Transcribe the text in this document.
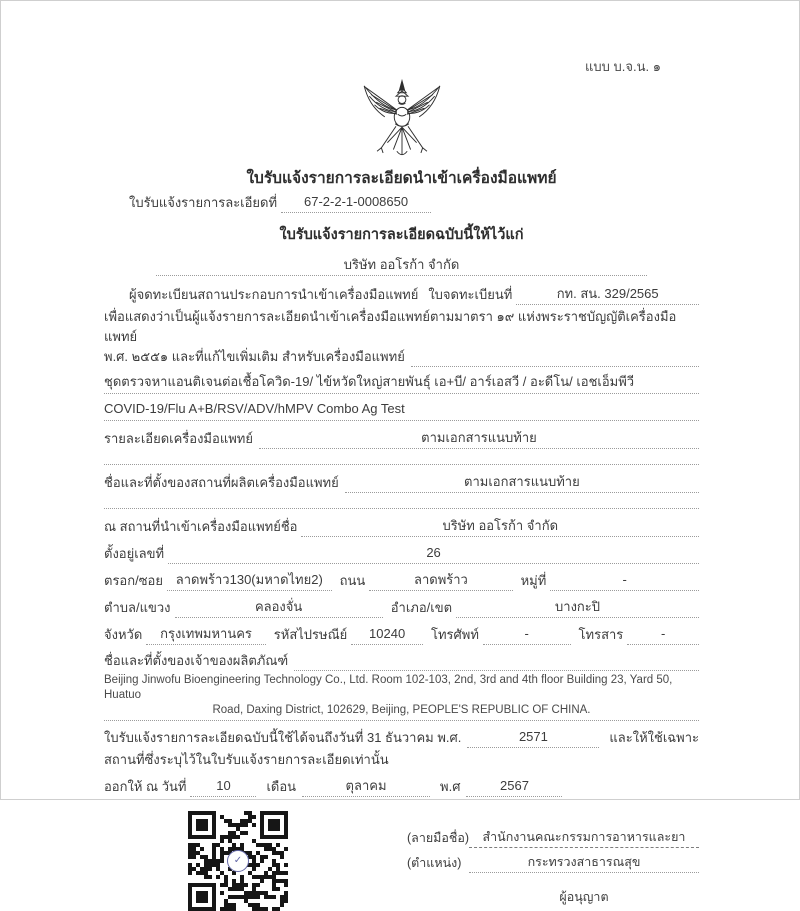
แบบ บ.จ.น. ๑
ใบรับแจ้งรายการละเอียดนำเข้าเครื่องมือแพทย์
ใบรับแจ้งรายการละเอียดที่	67-2-2-1-0008650
ใบรับแจ้งรายการละเอียดฉบับนี้ให้ไว้แก่
บริษัท ออโรก้า จำกัด
ผู้จดทะเบียนสถานประกอบการนำเข้าเครื่องมือแพทย์ ใบจดทะเบียนที่	กท. สน. 329/2565
เพื่อแสดงว่าเป็นผู้แจ้งรายการละเอียดนำเข้าเครื่องมือแพทย์ตามมาตรา ๑๙ แห่งพระราชบัญญัติเครื่องมือแพทย์
พ.ศ. ๒๕๕๑ และที่แก้ไขเพิ่มเติม สำหรับเครื่องมือแพทย์
ชุดตรวจหาแอนติเจนต่อเชื้อโควิด-19/ ไข้หวัดใหญ่สายพันธุ์ เอ+บี/ อาร์เอสวี / อะดีโน/ เอชเอ็มพีวี
COVID-19/Flu A+B/RSV/ADV/hMPV Combo Ag Test
รายละเอียดเครื่องมือแพทย์	ตามเอกสารแนบท้าย
ชื่อและที่ตั้งของสถานที่ผลิตเครื่องมือแพทย์	ตามเอกสารแนบท้าย
ณ สถานที่นำเข้าเครื่องมือแพทย์ชื่อ	บริษัท ออโรก้า จำกัด
ตั้งอยู่เลขที่	26
ตรอก/ซอย ลาดพร้าว130(มหาดไทย2)	ถนน	ลาดพร้าว	หมู่ที่	-
ตำบล/แขวง	คลองจั่น	อำเภอ/เขต	บางกะปิ
จังหวัด	กรุงเทพมหานคร	รหัสไปรษณีย์	10240	โทรศัพท์	-	โทรสาร	-
ชื่อและที่ตั้งของเจ้าของผลิตภัณฑ์
Beijing Jinwofu Bioengineering Technology Co., Ltd. Room 102-103, 2nd, 3rd and 4th floor Building 23, Yard 50, Huatuo
Road, Daxing District, 102629, Beijing, PEOPLE'S REPUBLIC OF CHINA.
ใบรับแจ้งรายการละเอียดฉบับนี้ใช้ได้จนถึงวันที่ 31 ธันวาคม พ.ศ.	2571	และให้ใช้เฉพาะ
สถานที่ซึ่งระบุไว้ในใบรับแจ้งรายการละเอียดเท่านั้น
ออกให้ ณ วันที่	10	เดือน	ตุลาคม	พ.ศ	2567
✓
(ลายมือชื่อ)	สำนักงานคณะกรรมการอาหารและยา
(ตำแหน่ง)	กระทรวงสาธารณสุข
ผู้อนุญาต
